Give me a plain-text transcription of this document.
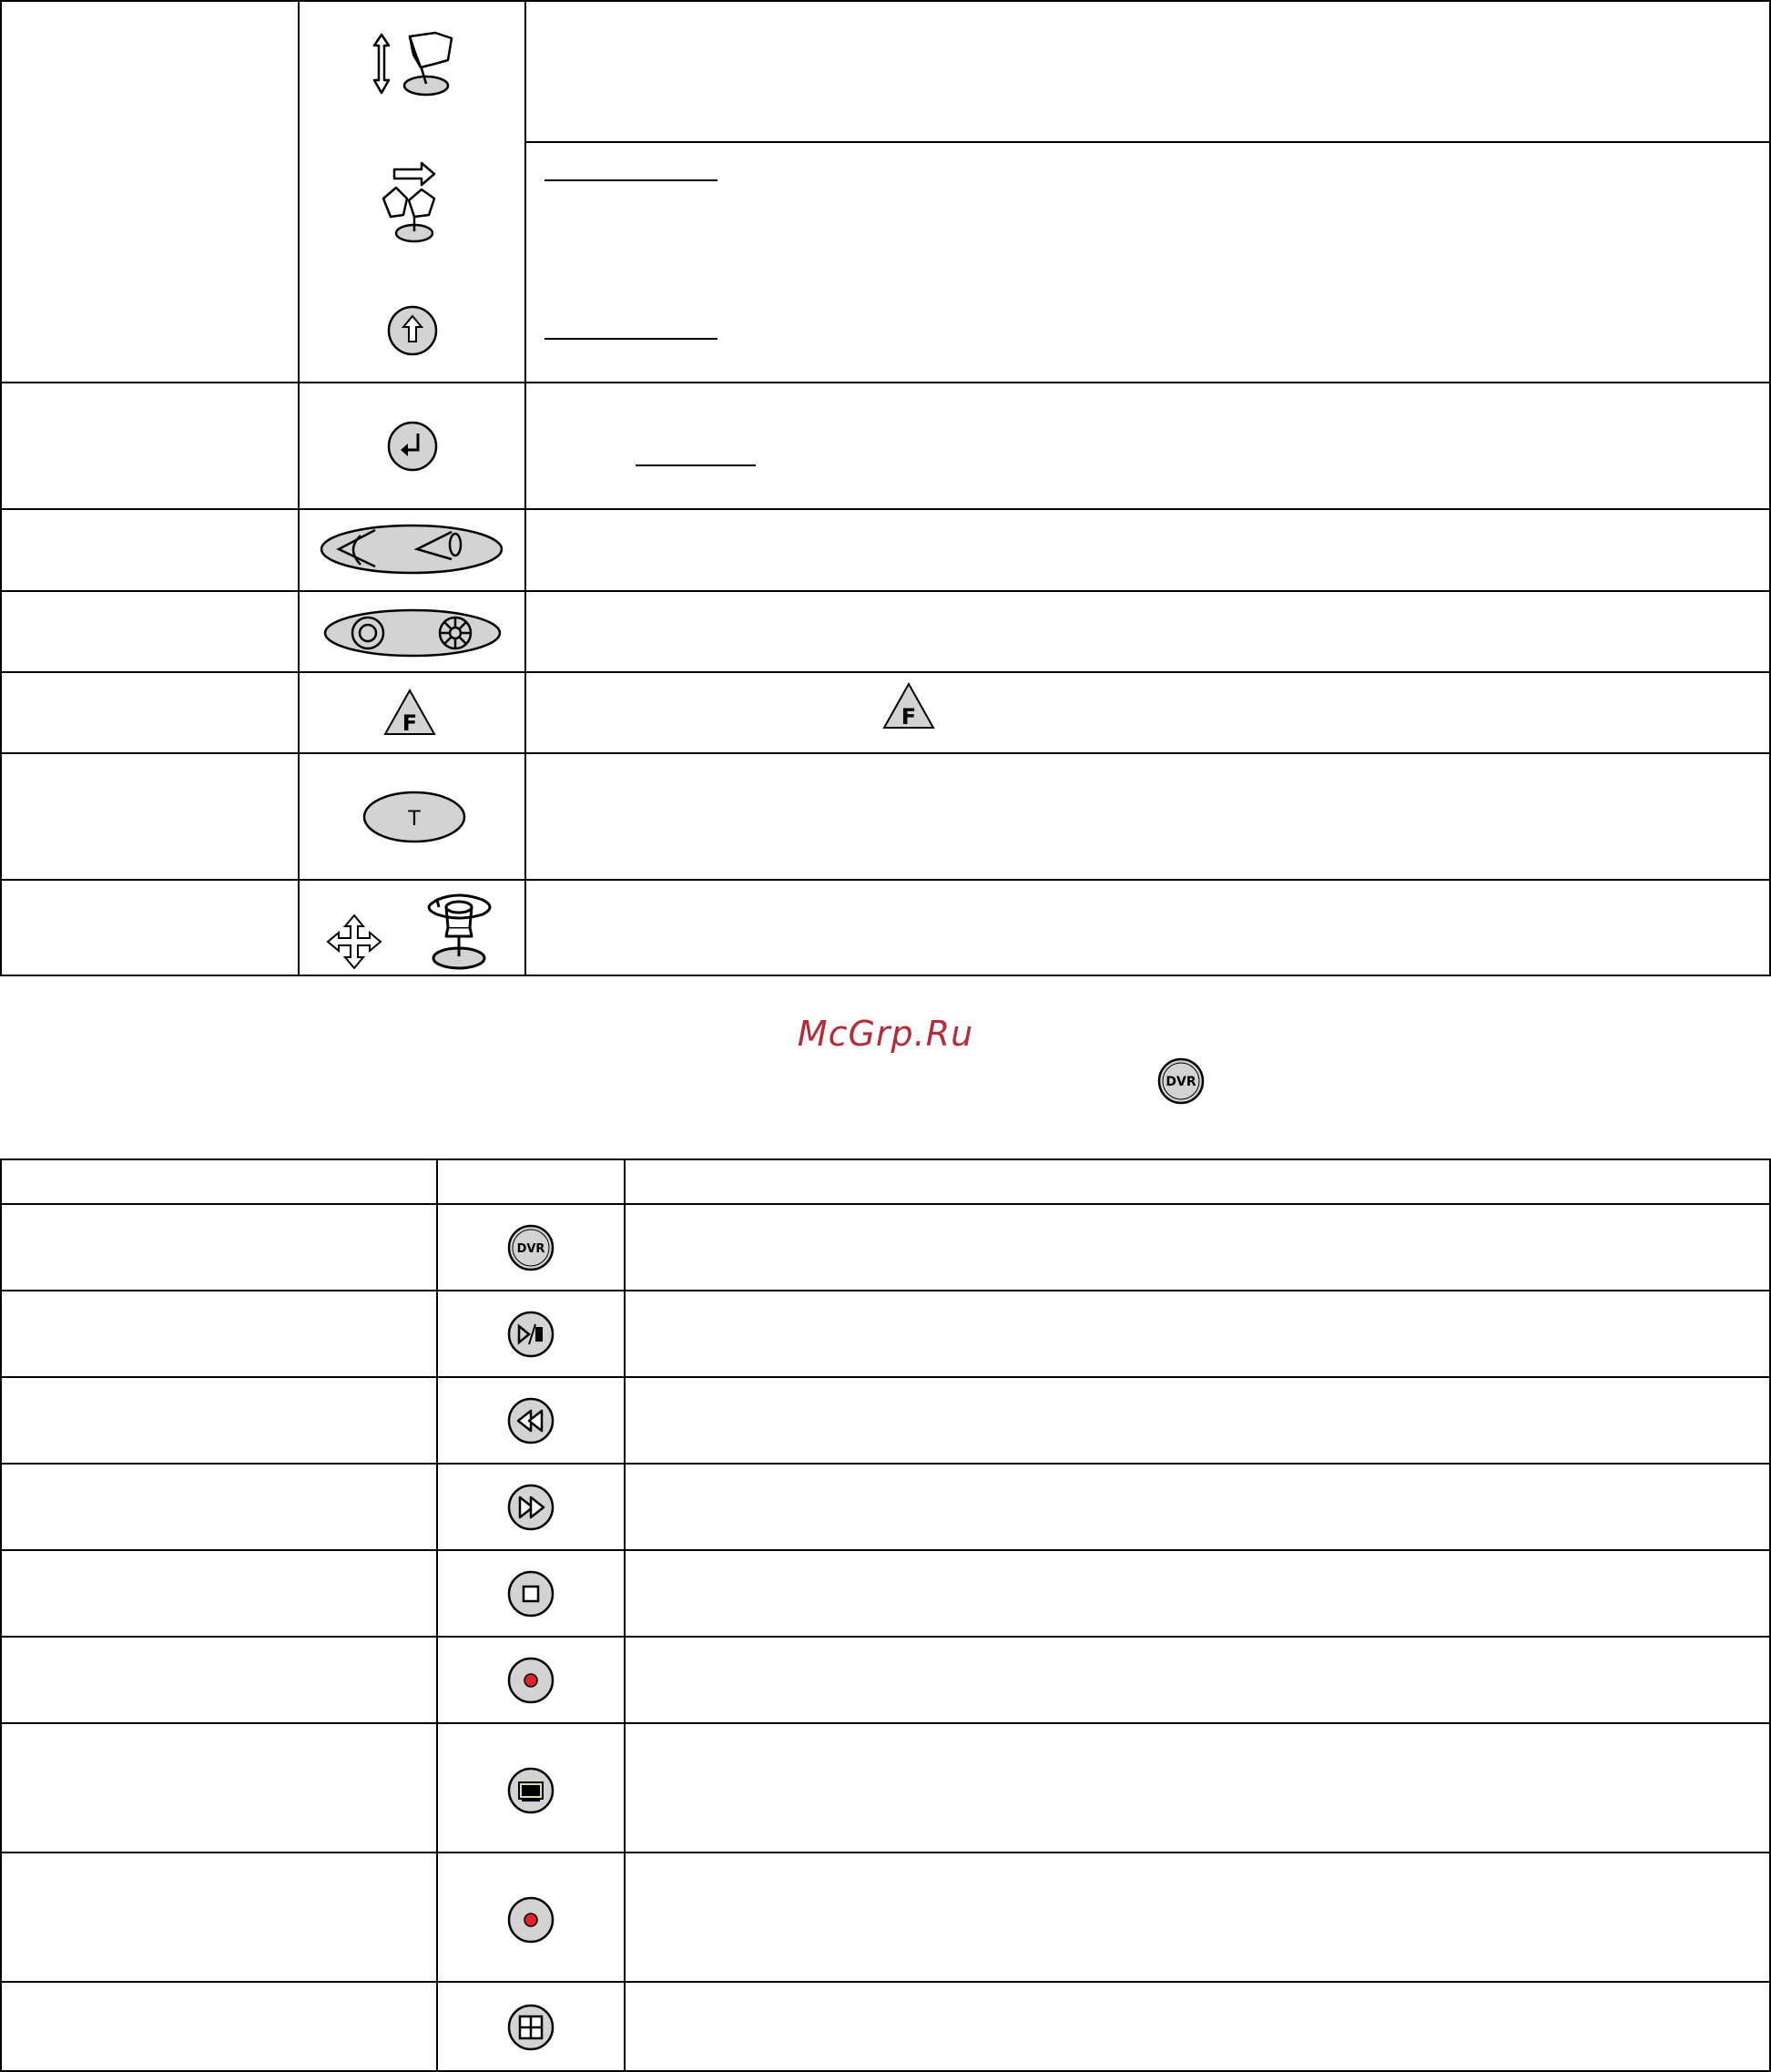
F	F
T
McGrp.Ru
DVR
DVR
